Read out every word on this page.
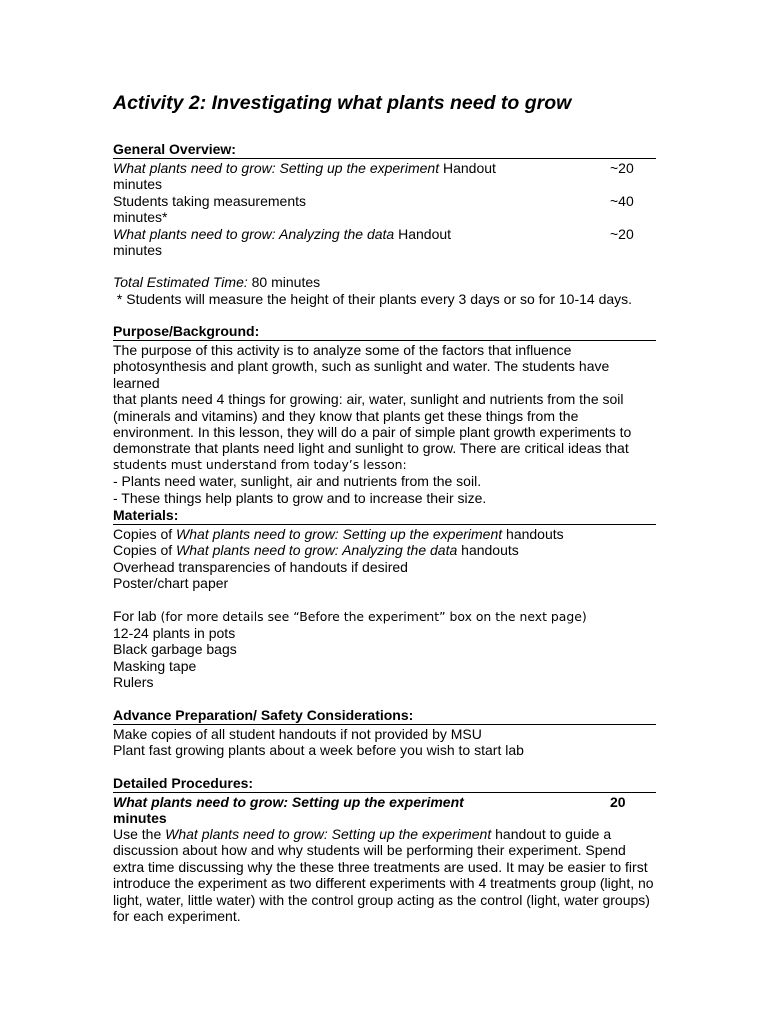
Activity 2: Investigating what plants need to grow
General Overview:
What plants need to grow: Setting up the experiment Handout	~20
minutes
Students taking measurements	~40
minutes*
What plants need to grow: Analyzing the data Handout	~20
minutes
Total Estimated Time: 80 minutes
* Students will measure the height of their plants every 3 days or so for 10-14 days.
Purpose/Background:
The purpose of this activity is to analyze some of the factors that influence
photosynthesis and plant growth, such as sunlight and water. The students have learned
that plants need 4 things for growing: air, water, sunlight and nutrients from the soil
(minerals and vitamins) and they know that plants get these things from the
environment. In this lesson, they will do a pair of simple plant growth experiments to
demonstrate that plants need light and sunlight to grow. There are critical ideas that
students must understand from today’s lesson:
- Plants need water, sunlight, air and nutrients from the soil.
- These things help plants to grow and to increase their size.
Materials:
Copies of What plants need to grow: Setting up the experiment handouts
Copies of What plants need to grow: Analyzing the data handouts
Overhead transparencies of handouts if desired
Poster/chart paper
For lab (for more details see “Before the experiment” box on the next page)
12-24 plants in pots
Black garbage bags
Masking tape
Rulers
Advance Preparation/ Safety Considerations:
Make copies of all student handouts if not provided by MSU
Plant fast growing plants about a week before you wish to start lab
Detailed Procedures:
What plants need to grow: Setting up the experiment	20
minutes
Use the What plants need to grow: Setting up the experiment handout to guide a
discussion about how and why students will be performing their experiment. Spend
extra time discussing why the these three treatments are used. It may be easier to first
introduce the experiment as two different experiments with 4 treatments group (light, no
light, water, little water) with the control group acting as the control (light, water groups)
for each experiment.
